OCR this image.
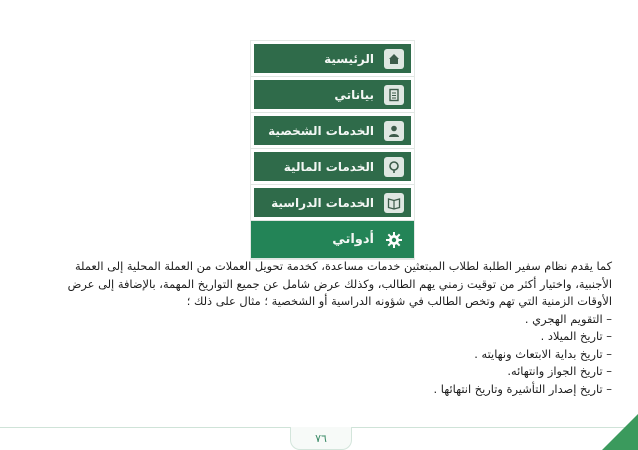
الرئيسية
بياناتي
الخدمات الشخصية
الخدمات المالية
الخدمات الدراسية
أدواتي

كما يقدم نظام سفير الطلبة لطلاب المبتعثين خدمات مساعدة، كخدمة تحويل العملات من العملة المحلية إلى العملة

الأجنبية، واختيار أكثر من توقيت زمني يهم الطالب، وكذلك عرض شامل عن جميع التواريخ المهمة، بالإضافة إلى عرض

الأوقات الزمنية التي تهم وتخص الطالب في شؤونه الدراسية أو الشخصية ؛ مثال على ذلك ؛

– التقويم الهجري .
– تاريخ الميلاد .
– تاريخ بداية الابتعاث ونهايته .
– تاريخ الجواز وانتهائه.
– تاريخ إصدار التأشيرة وتاريخ انتهائها .
٧٦
